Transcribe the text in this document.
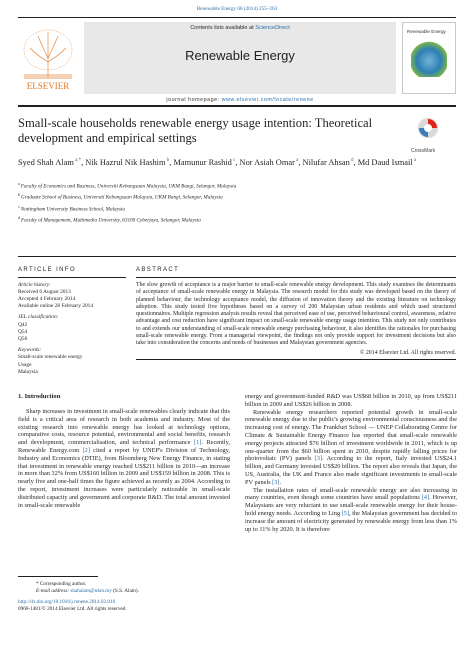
Renewable Energy 68 (2014) 255–263
ELSEVIER
Contents lists available at ScienceDirect
Renewable Energy
Renewable Energy
journal homepage: www.elsevier.com/locate/renene
Small-scale households renewable energy usage intention: Theoretical development and empirical settings
CrossMark
Syed Shah Alam $^{a,*}$, Nik Hazrul Nik Hashim $^b$, Mamunur Rashid $^c$, Nor Asiah Omar $^a$, Nilufar Ahsan $^d$, Md Daud Ismail $^a$
$^a$ Faculty of Economics and Business, Universiti Kebangsaan Malaysia, UKM Bangi, Selangor, Malaysia
$^b$ Graduate School of Business, Universiti Kebangsaan Malaysia, UKM Bangi, Selangor, Malaysia
$^c$ Nottingham University Business School, Malaysia
$^d$ Faculty of Management, Multimedia University, 63100 Cyberjaya, Selangor, Malaysia
ARTICLE INFO
Article history:
Received 6 August 2013
Accepted 4 February 2014
Available online 28 February 2014
JEL classification:
Q42
Q54
Q56
Keywords:
Small-scale renewable energy
Usage
Malaysia
ABSTRACT
The slow growth of acceptance is a major barrier to small-scale renewable energy development. This study examines the determinants of acceptance of small-scale renewable energy in Malaysia. The research model for this study was developed based on the theory of planned behaviour, the technology acceptance model, the diffusion of innovation theory and the existing literature on technology adoption. This study tested five hypotheses based on a survey of 200 Malaysian urban residents and which used structured questionnaires. Multiple regression analysis results reveal that perceived ease of use, perceived behavioural control, awareness, relative advantage and cost reduction have significant impact on small-scale renewable energy usage intention. This study not only contributes to and extends our understanding of small-scale renewable energy purchasing behaviour, it also identifies the rationales for purchasing small-scale renewable energy. From a managerial viewpoint, the findings not only provide support for investment decisions but also take into consideration the concerns and needs of businesses and Malaysian government agencies.
© 2014 Elsevier Ltd. All rights reserved.
1. Introduction

Sharp increases in investment in small-scale renewables clearly indicate that this field is a critical area of research in both academia and industry. Most of the existing research into renewable energy has looked at technology options, comparative costs, resource potential, environmental and social benefits, research and development, commercialisation, and technical performance [1]. Recently, Renewable Energy.com [2] cited a report by UNEP's Division of Technology, Industry and Economics (DTIE), from Bloomberg New Energy Finance, in stating that investment in renewable energy reached US$211 billion in 2010—an increase in more than 32% from US$160 billion in 2009 and US$159 billion in 2008. This is nearly five and one-half times the figure achieved as recently as 2004. According to the report, investment increases were particularly noticeable in small-scale distributed capacity and government and corporate R&D. The total amount invested in small-scale renewable

energy and government-funded R&D was US$68 billion in 2010, up from US$211 billion in 2009 and US$26 billion in 2008.

Renewable energy researchers reported potential growth in small-scale renewable energy due to the public's growing environmental consciousness and the increasing cost of energy. The Frankfurt School — UNEP Collaborating Centre for Climate & Sustainable Energy Finance has reported that small-scale renewable energy projects attracted $76 billion of investment worldwide in 2011, which is up one-quarter from the $60 billion spent in 2010, despite rapidly falling prices for photovoltaic (PV) panels [3]. According to the report, Italy invested US$24.1 billion, and Germany invested US$20 billion. The report also reveals that Japan, the US, Australia, the UK and France also made significant investments in small-scale PV panels [3].

The installation rates of small-scale renewable energy are also increasing in many countries, even though some countries have small populations [4]. However, Malaysians are very reluctant to use small-scale renewable energy for their house-hold energy needs. According to Ling [5], the Malaysian government has decided to increase the amount of electricity generated by renewable energy from less than 1% up to 11% by 2020. It is therefore

* Corresponding author.
E-mail address: shahalam@ukm.my (S.S. Alam).
http://dx.doi.org/10.1016/j.renene.2014.02.010
0960-1481/© 2014 Elsevier Ltd. All rights reserved.
